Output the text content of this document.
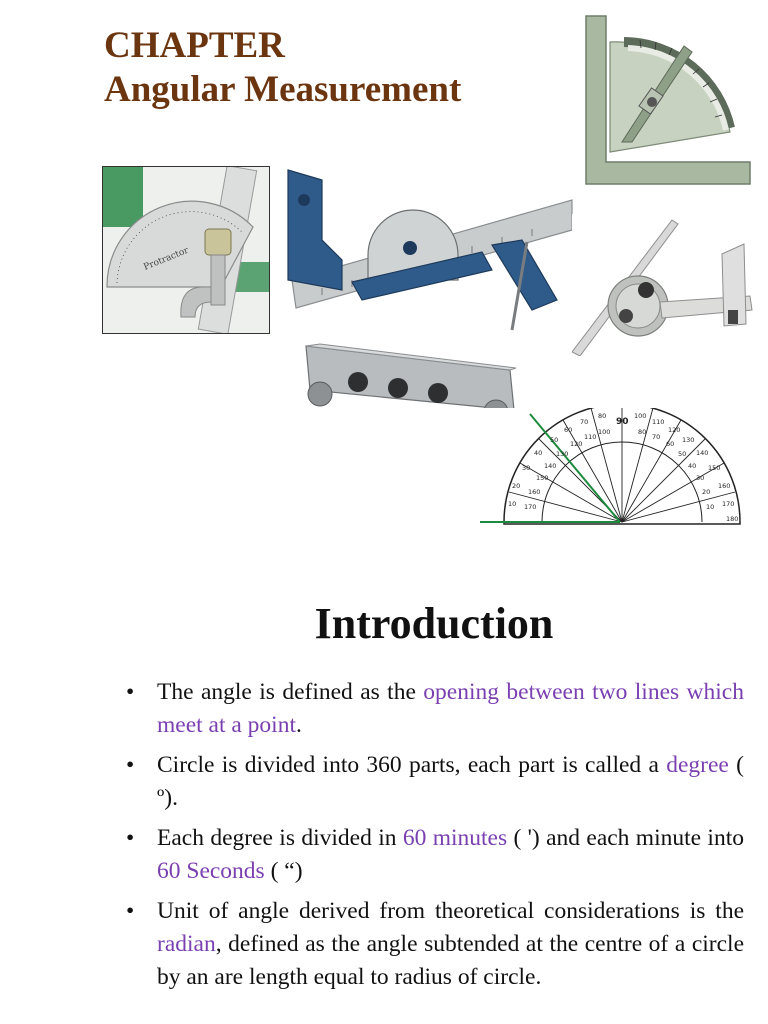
CHAPTER
Angular Measurement
Protractor
10
20
30
40
50
60
70
80
90
100
110
120
130
140
150
160
170
180
170
160
150
140
130
120
110
100	80
70
60
50
40
30
20
10
Introduction
• The angle is defined as the opening between two lines which meet at a point.
• Circle is divided into 360 parts, each part is called a degree ( º).
• Each degree is divided in 60 minutes ( ') and each minute into 60 Seconds ( “)
• Unit of angle derived from theoretical considerations is the radian, defined as the angle subtended at the centre of a circle by an are length equal to radius of circle.
